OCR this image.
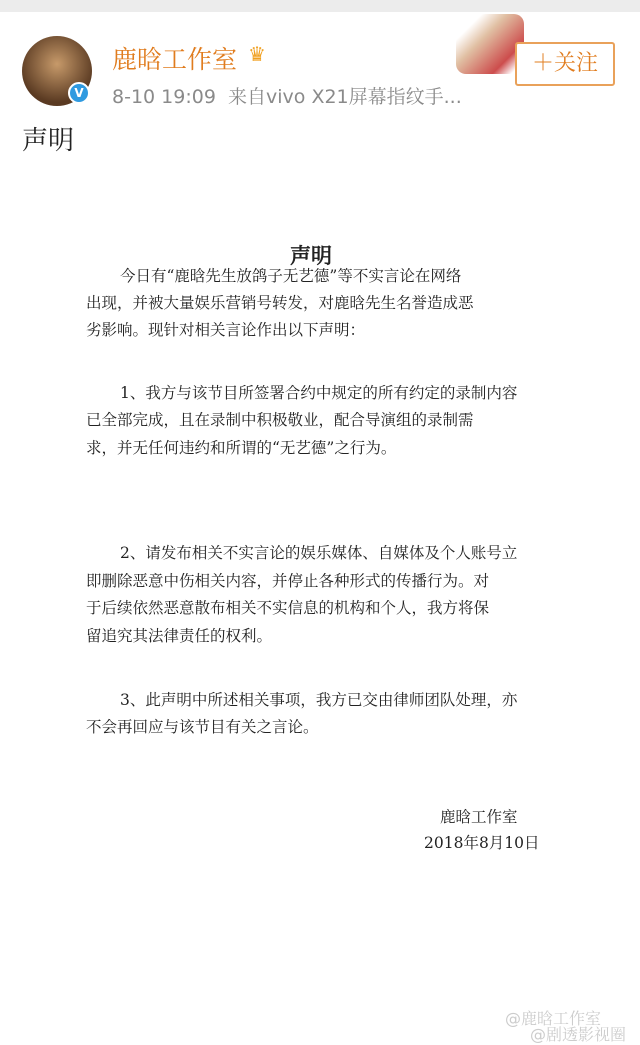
V
鹿晗工作室 ♛
8-10 19:09 来自vivo X21屏幕指纹手...
＋关注
声明
声明
今日有“鹿晗先生放鸽子无艺德”等不实言论在网络
出现，并被大量娱乐营销号转发，对鹿晗先生名誉造成恶
劣影响。现针对相关言论作出以下声明：
1、我方与该节目所签署合约中规定的所有约定的录制内容
已全部完成，且在录制中积极敬业，配合导演组的录制需
求，并无任何违约和所谓的“无艺德”之行为。
2、请发布相关不实言论的娱乐媒体、自媒体及个人账号立
即删除恶意中伤相关内容，并停止各种形式的传播行为。对
于后续依然恶意散布相关不实信息的机构和个人，我方将保
留追究其法律责任的权利。
3、此声明中所述相关事项，我方已交由律师团队处理，亦
不会再回应与该节目有关之言论。
鹿晗工作室
2018年8月10日
@鹿晗工作室
@剧透影视圈
